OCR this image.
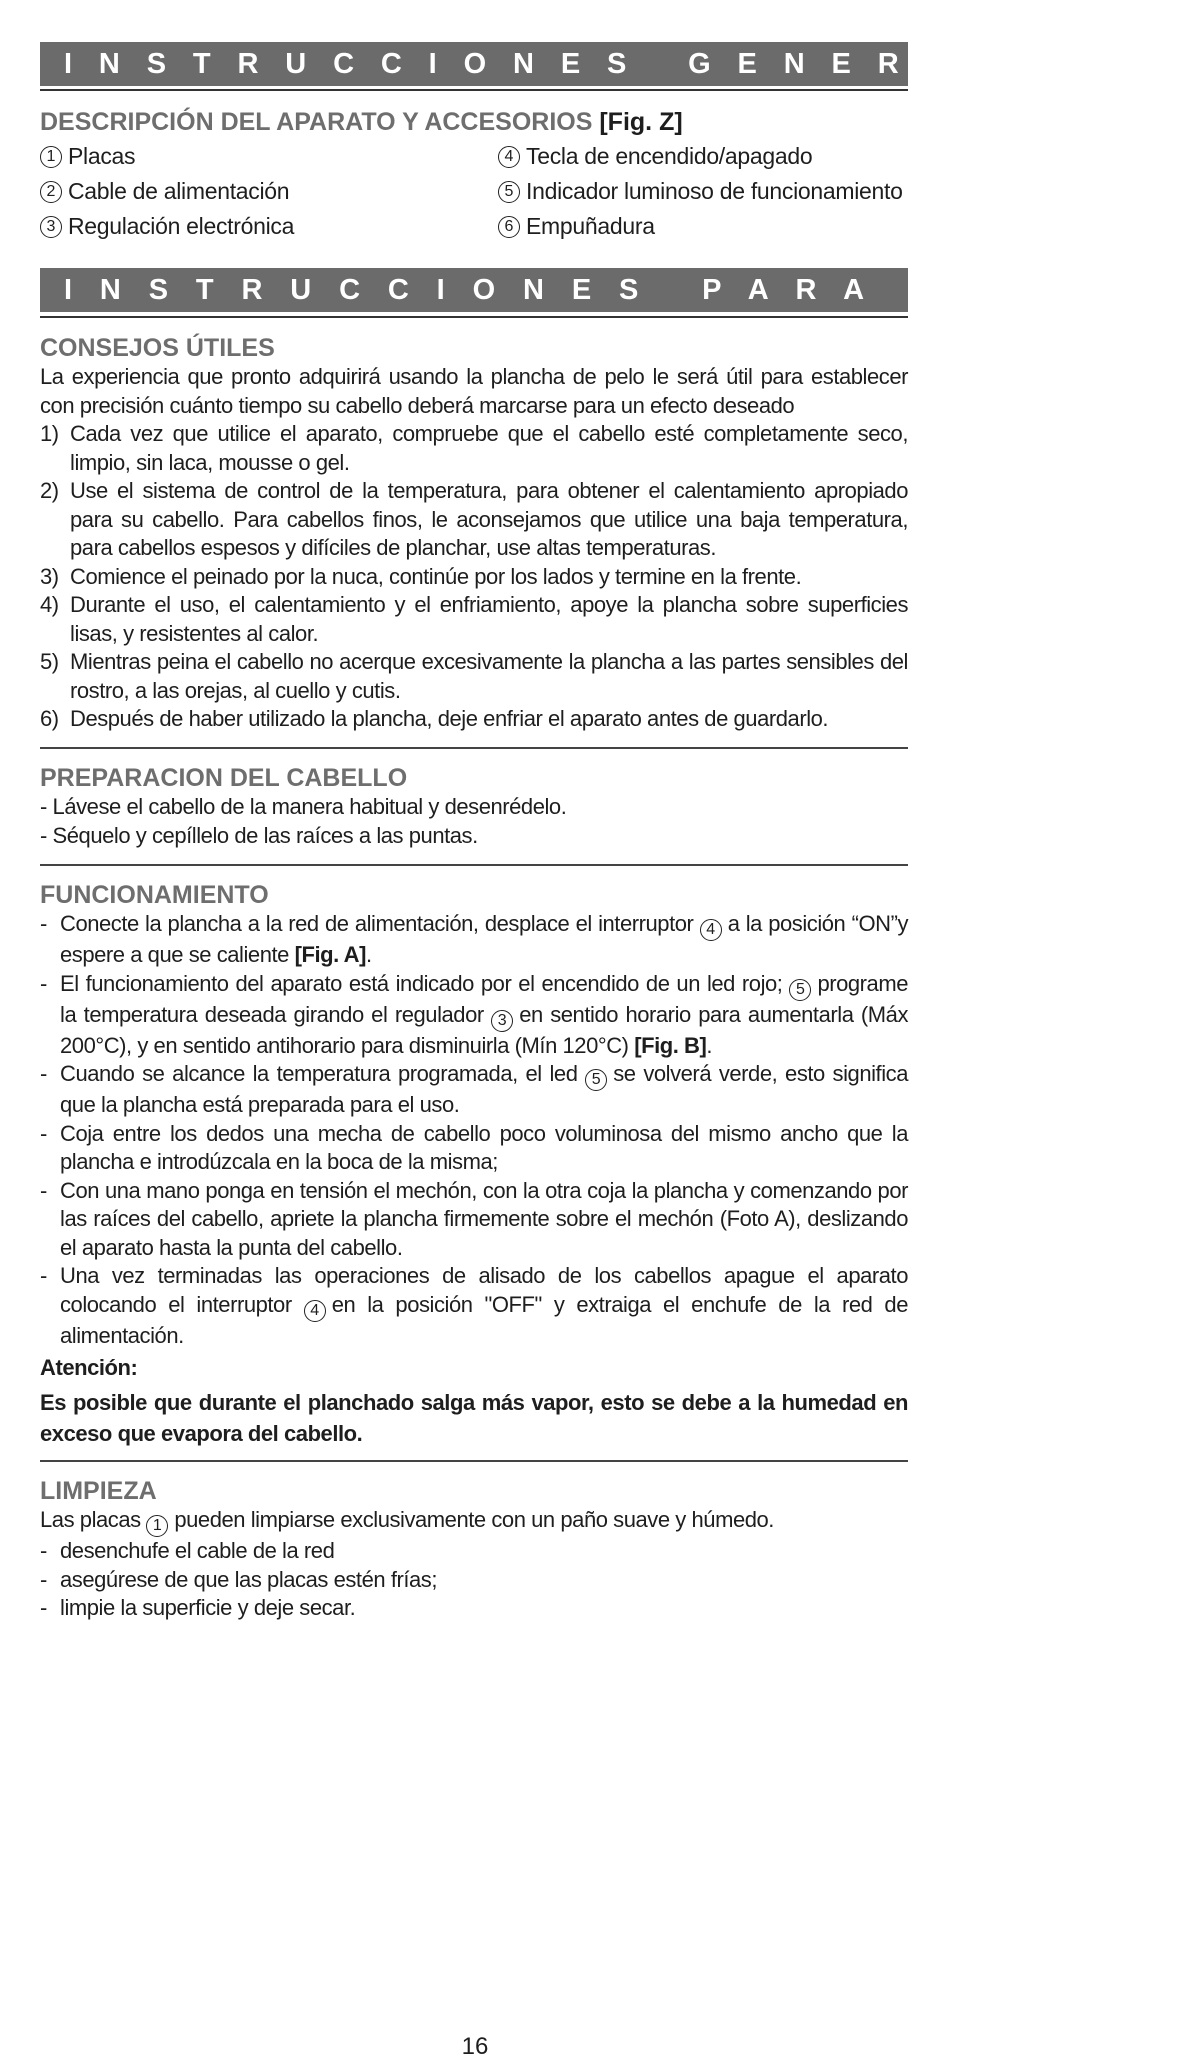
I N S T R U C C I O N E S   G E N E R A L E S
DESCRIPCIÓN DEL APARATO Y ACCESORIOS [Fig. Z]
1 Placas	4 Tecla de encendido/apagado
2 Cable de alimentación	5 Indicador luminoso de funcionamiento
3 Regulación electrónica	6 Empuñadura
I N S T R U C C I O N E S   P A R A   E L   U S O
CONSEJOS ÚTILES
La experiencia que pronto adquirirá usando la plancha de pelo le será útil para establecer con precisión cuánto tiempo su cabello deberá marcarse para un efecto deseado
1) Cada vez que utilice el aparato, compruebe que el cabello esté completamente seco, limpio, sin laca, mousse o gel.
2) Use el sistema de control de la temperatura, para obtener el calentamiento apropiado para su cabello. Para cabellos finos, le aconsejamos que utilice una baja temperatura, para cabellos espesos y difíciles de planchar, use altas temperaturas.
3) Comience el peinado por la nuca, continúe por los lados y termine en la frente.
4) Durante el uso, el calentamiento y el enfriamiento, apoye la plancha sobre superficies lisas, y resistentes al calor.
5) Mientras peina el cabello no acerque excesivamente la plancha a las partes sensibles del rostro, a las orejas, al cuello y cutis.
6) Después de haber utilizado la plancha, deje enfriar el aparato antes de guardarlo.
PREPARACION DEL CABELLO
- Lávese el cabello de la manera habitual y desenrédelo.
- Séquelo y cepíllelo de las raíces a las puntas.
FUNCIONAMIENTO
- Conecte la plancha a la red de alimentación, desplace el interruptor 4 a la posición “ON”y espere a que se caliente [Fig. A].
- El funcionamiento del aparato está indicado por el encendido de un led rojo; 5 programe la temperatura deseada girando el regulador 3 en sentido horario para aumentarla (Máx 200°C), y en sentido antihorario para disminuirla (Mín 120°C) [Fig. B].
- Cuando se alcance la temperatura programada, el led 5 se volverá verde, esto significa que la plancha está preparada para el uso.
- Coja entre los dedos una mecha de cabello poco voluminosa del mismo ancho que la plancha e introdúzcala en la boca de la misma;
- Con una mano ponga en tensión el mechón, con la otra coja la plancha y comenzando por las raíces del cabello, apriete la plancha firmemente sobre el mechón (Foto A), deslizando el aparato hasta la punta del cabello.
- Una vez terminadas las operaciones de alisado de los cabellos apague el aparato colocando el interruptor 4 en la posición "OFF" y extraiga el enchufe de la red de alimentación.
Atención:
Es posible que durante el planchado salga más vapor, esto se debe a la humedad en exceso que evapora del cabello.
LIMPIEZA
Las placas 1 pueden limpiarse exclusivamente con un paño suave y húmedo.
- desenchufe el cable de la red
- asegúrese de que las placas estén frías;
- limpie la superficie y deje secar.
16
